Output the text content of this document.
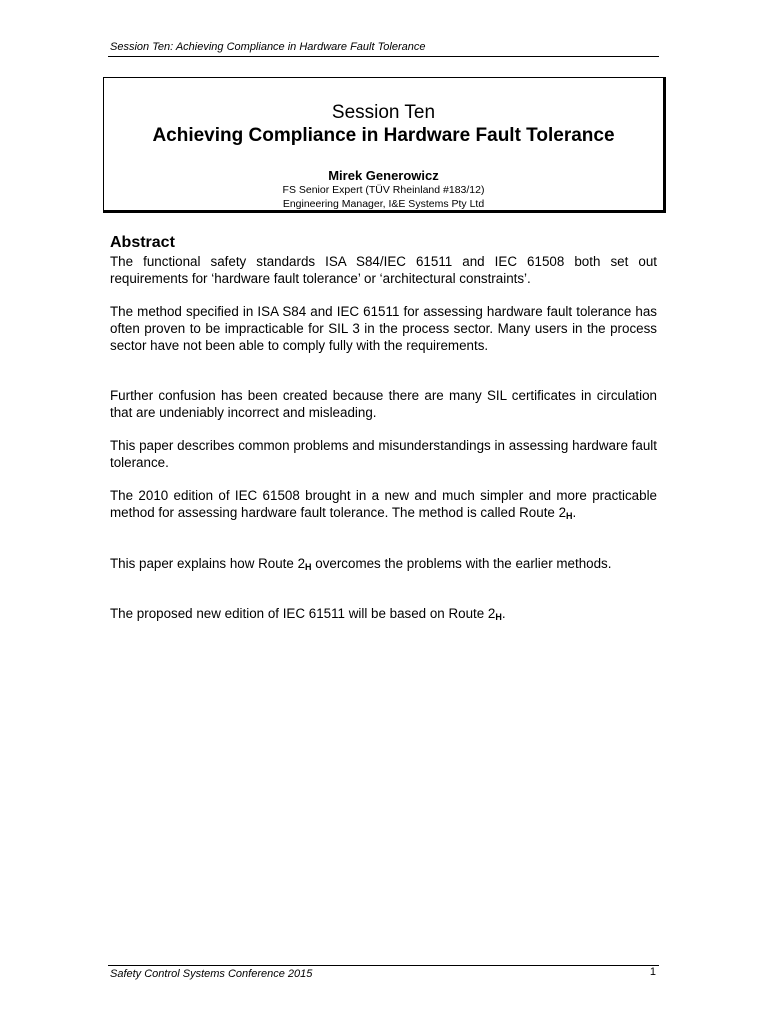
Session Ten: Achieving Compliance in Hardware Fault Tolerance
Session Ten
Achieving Compliance in Hardware Fault Tolerance
Mirek Generowicz
FS Senior Expert (TÜV Rheinland #183/12)
Engineering Manager, I&E Systems Pty Ltd
Abstract

The functional safety standards ISA S84/IEC 61511 and IEC 61508 both set out requirements for ‘hardware fault tolerance’ or ‘architectural constraints’.

The method specified in ISA S84 and IEC 61511 for assessing hardware fault tolerance has often proven to be impracticable for SIL 3 in the process sector. Many users in the process sector have not been able to comply fully with the requirements.

Further confusion has been created because there are many SIL certificates in circulation that are undeniably incorrect and misleading.

This paper describes common problems and misunderstandings in assessing hardware fault tolerance.

The 2010 edition of IEC 61508 brought in a new and much simpler and more practicable method for assessing hardware fault tolerance. The method is called Route $2_H$.

This paper explains how Route $2_H$ overcomes the problems with the earlier methods.

The proposed new edition of IEC 61511 will be based on Route $2_H$.

Safety Control Systems Conference 2015	1
